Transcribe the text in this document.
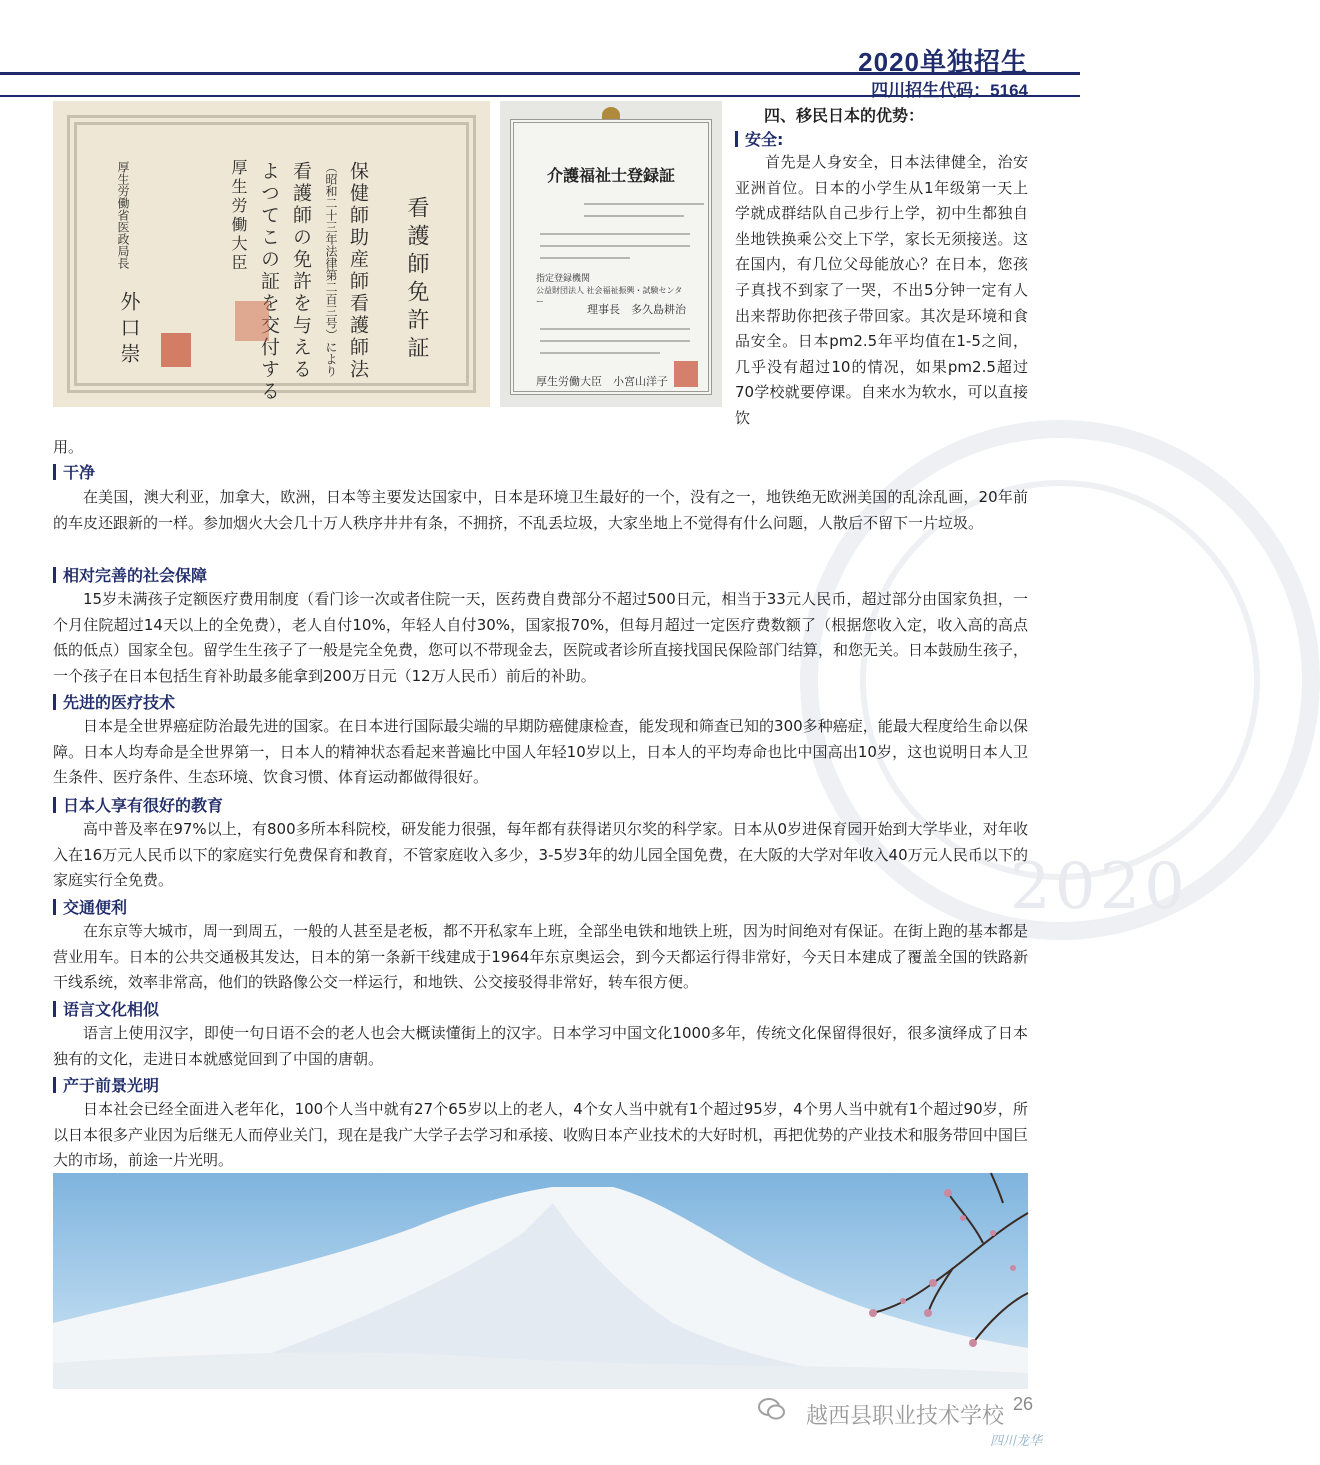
2020
2020单独招生
四川招生代码：5164
看護師免許証
保健師助産師看護師法
（昭和二十三年法律第二百三号）により
看護師の免許を与える
よつてこの証を交付する
厚生労働大臣
厚生労働省医政局長
外口崇
介護福祉士登録証
指定登録機関
公益財団法人 社会福祉振興・試験センター
理事長　多久島耕治
厚生労働大臣　小宮山洋子
四、移民日本的优势：
安全:

首先是人身安全，日本法律健全，治安亚洲首位。日本的小学生从1年级第一天上学就成群结队自己步行上学，初中生都独自坐地铁换乘公交上下学，家长无须接送。这在国内，有几位父母能放心？在日本，您孩子真找不到家了一哭，不出5分钟一定有人出来帮助你把孩子带回家。其次是环境和食品安全。日本pm2.5年平均值在1-5之间，几乎没有超过10的情况，如果pm2.5超过70学校就要停课。自来水为软水，可以直接饮

用。
干净

在美国，澳大利亚，加拿大，欧洲，日本等主要发达国家中，日本是环境卫生最好的一个，没有之一，地铁绝无欧洲美国的乱涂乱画，20年前的车皮还跟新的一样。参加烟火大会几十万人秩序井井有条，不拥挤，不乱丢垃圾，大家坐地上不觉得有什么问题，人散后不留下一片垃圾。

相对完善的社会保障

15岁未满孩子定额医疗费用制度（看门诊一次或者住院一天，医药费自费部分不超过500日元，相当于33元人民币，超过部分由国家负担，一个月住院超过14天以上的全免费），老人自付10%，年轻人自付30%，国家报70%，但每月超过一定医疗费数额了（根据您收入定，收入高的高点低的低点）国家全包。留学生生孩子了一般是完全免费，您可以不带现金去，医院或者诊所直接找国民保险部门结算，和您无关。日本鼓励生孩子，一个孩子在日本包括生育补助最多能拿到200万日元（12万人民币）前后的补助。

先进的医疗技术

日本是全世界癌症防治最先进的国家。在日本进行国际最尖端的早期防癌健康检查，能发现和筛查已知的300多种癌症，能最大程度给生命以保障。日本人均寿命是全世界第一，日本人的精神状态看起来普遍比中国人年轻10岁以上，日本人的平均寿命也比中国高出10岁，这也说明日本人卫生条件、医疗条件、生态环境、饮食习惯、体育运动都做得很好。

日本人享有很好的教育

高中普及率在97%以上，有800多所本科院校，研发能力很强，每年都有获得诺贝尔奖的科学家。日本从0岁进保育园开始到大学毕业，对年收入在16万元人民币以下的家庭实行免费保育和教育，不管家庭收入多少，3-5岁3年的幼儿园全国免费，在大阪的大学对年收入40万元人民币以下的家庭实行全免费。

交通便利

在东京等大城市，周一到周五，一般的人甚至是老板，都不开私家车上班，全部坐电铁和地铁上班，因为时间绝对有保证。在街上跑的基本都是营业用车。日本的公共交通极其发达，日本的第一条新干线建成于1964年东京奥运会，到今天都运行得非常好，今天日本建成了覆盖全国的铁路新干线系统，效率非常高，他们的铁路像公交一样运行，和地铁、公交接驳得非常好，转车很方便。

语言文化相似

语言上使用汉字，即使一句日语不会的老人也会大概读懂街上的汉字。日本学习中国文化1000多年，传统文化保留得很好，很多演绎成了日本独有的文化，走进日本就感觉回到了中国的唐朝。

产于前景光明

日本社会已经全面进入老年化，100个人当中就有27个65岁以上的老人，4个女人当中就有1个超过95岁，4个男人当中就有1个超过90岁，所以日本很多产业因为后继无人而停业关门，现在是我广大学子去学习和承接、收购日本产业技术的大好时机，再把优势的产业技术和服务带回中国巨大的市场，前途一片光明。

26
越西县职业技术学校
四川龙华
